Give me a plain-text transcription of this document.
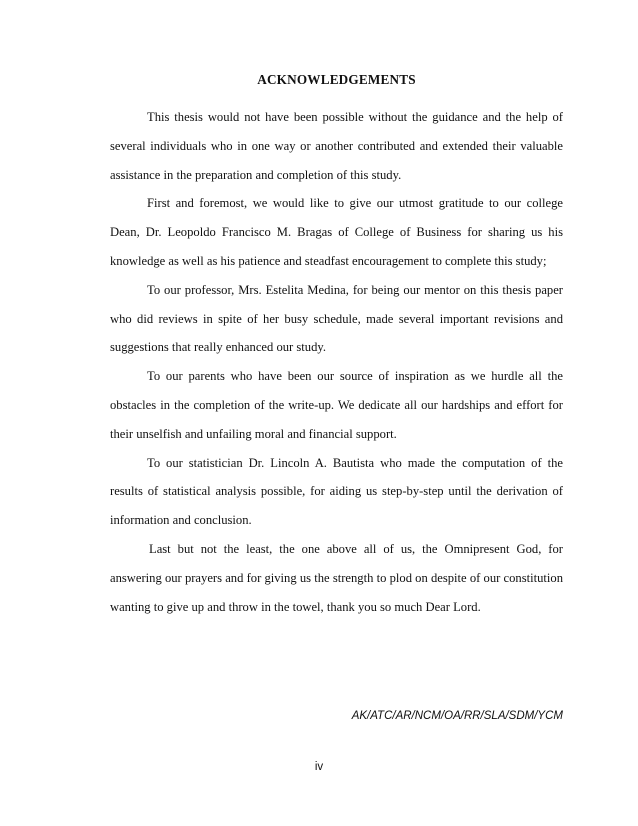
ACKNOWLEDGEMENTS

This thesis would not have been possible without the guidance and the help of several individuals who in one way or another contributed and extended their valuable assistance in the preparation and completion of this study.

First and foremost, we would like to give our utmost gratitude to our college Dean, Dr. Leopoldo Francisco M. Bragas of College of Business for sharing us his knowledge as well as his patience and steadfast encouragement to complete this study;

To our professor, Mrs. Estelita Medina, for being our mentor on this thesis paper who did reviews in spite of her busy schedule, made several important revisions and suggestions that really enhanced our study.

To our parents who have been our source of inspiration as we hurdle all the obstacles in the completion of the write-up. We dedicate all our hardships and effort for their unselfish and unfailing moral and financial support.

To our statistician Dr. Lincoln A. Bautista who made the computation of the results of statistical analysis possible, for aiding us step-by-step until the derivation of information and conclusion.

Last but not the least, the one above all of us, the Omnipresent God, for answering our prayers and for giving us the strength to plod on despite of our constitution wanting to give up and throw in the towel, thank you so much Dear Lord.

AK/ATC/AR/NCM/OA/RR/SLA/SDM/YCM
iv
